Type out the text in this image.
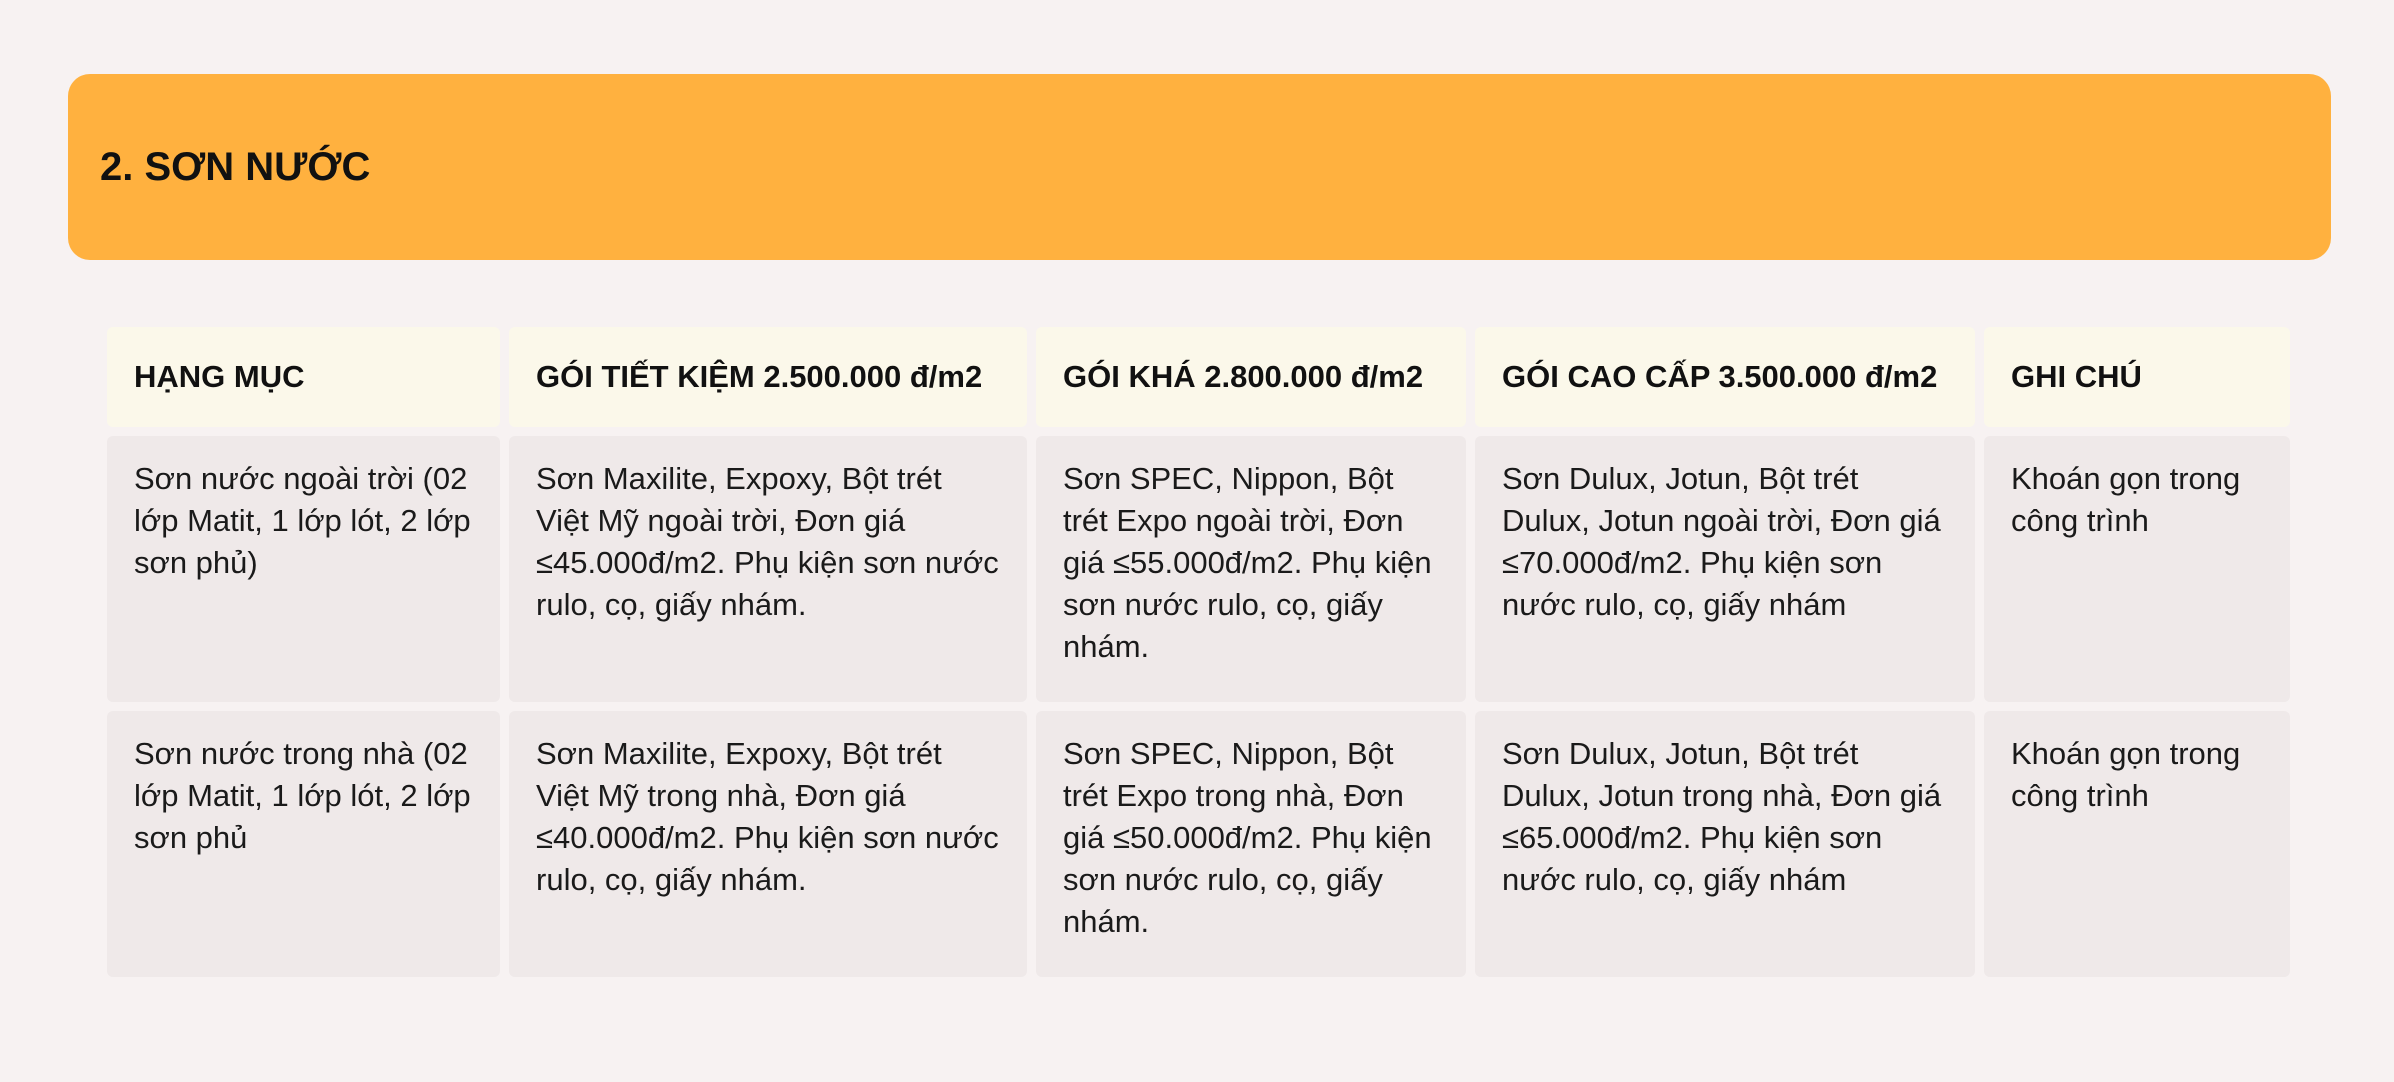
2. SƠN NƯỚC
HẠNG MỤC	GÓI TIẾT KIỆM 2.500.000 đ/m2	GÓI KHÁ 2.800.000 đ/m2	GÓI CAO CẤP 3.500.000 đ/m2	GHI CHÚ
Sơn nước ngoài trời (02 lớp Matit, 1 lớp lót, 2 lớp sơn phủ)	Sơn Maxilite, Expoxy, Bột trét Việt Mỹ ngoài trời, Đơn giá ≤45.000đ/m2. Phụ kiện sơn nước rulo, cọ, giấy nhám.	Sơn SPEC, Nippon, Bột trét Expo ngoài trời, Đơn giá ≤55.000đ/m2. Phụ kiện sơn nước rulo, cọ, giấy nhám.	Sơn Dulux, Jotun, Bột trét Dulux, Jotun ngoài trời, Đơn giá ≤70.000đ/m2. Phụ kiện sơn nước rulo, cọ, giấy nhám	Khoán gọn trong công trình
Sơn nước trong nhà (02 lớp Matit, 1 lớp lót, 2 lớp sơn phủ	Sơn Maxilite, Expoxy, Bột trét Việt Mỹ trong nhà, Đơn giá ≤40.000đ/m2. Phụ kiện sơn nước rulo, cọ, giấy nhám.	Sơn SPEC, Nippon, Bột trét Expo trong nhà, Đơn giá ≤50.000đ/m2. Phụ kiện sơn nước rulo, cọ, giấy nhám.	Sơn Dulux, Jotun, Bột trét Dulux, Jotun trong nhà, Đơn giá ≤65.000đ/m2. Phụ kiện sơn nước rulo, cọ, giấy nhám	Khoán gọn trong công trình
